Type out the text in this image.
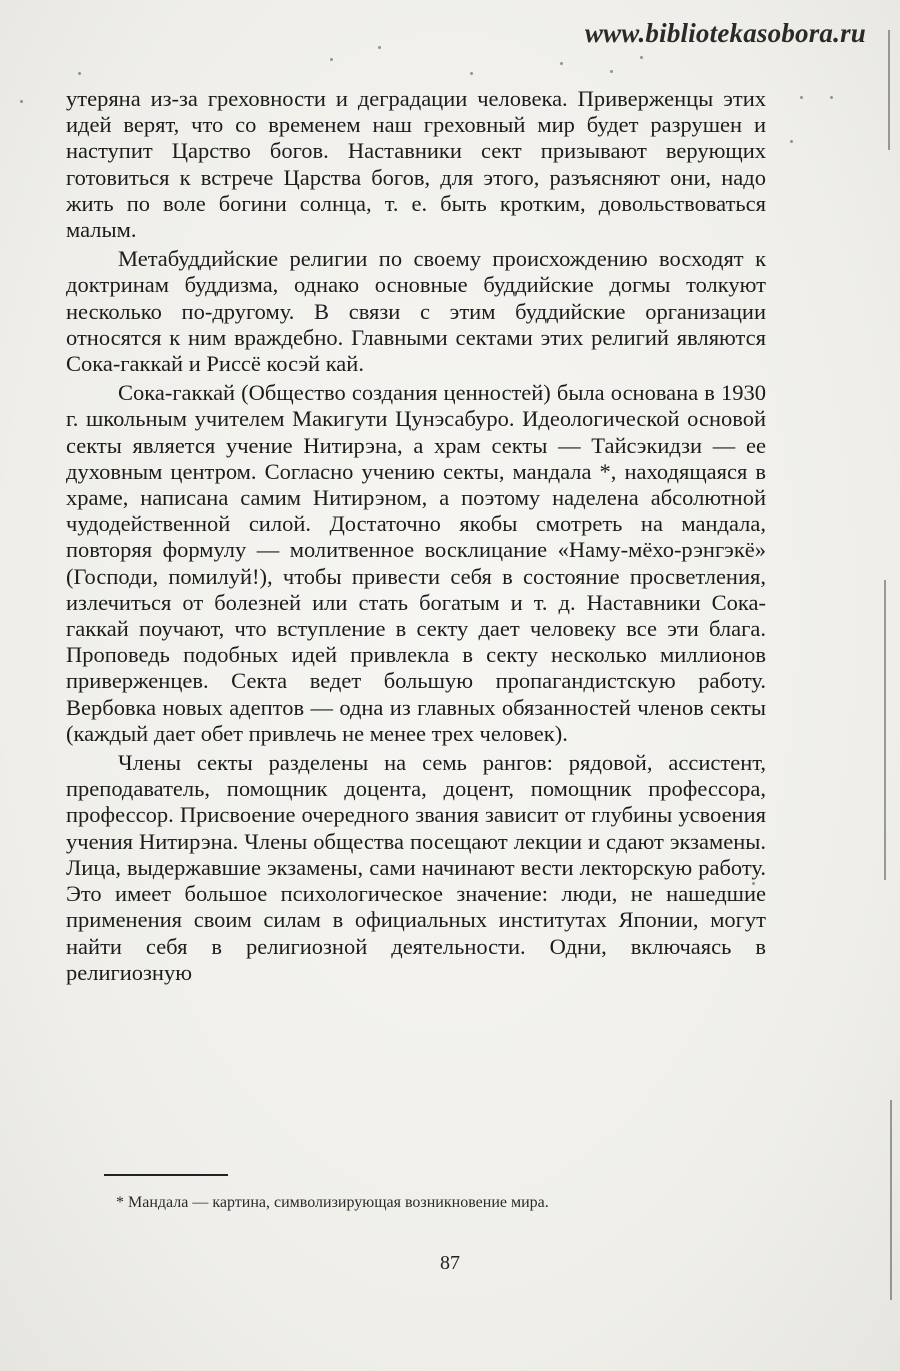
www.bibliotekasobora.ru

утеряна из-за греховности и деградации человека. Приверженцы этих идей верят, что со временем наш греховный мир будет разрушен и наступит Царство богов. Наставники сект призывают верующих готовиться к встрече Царства богов, для этого, разъясняют они, надо жить по воле богини солнца, т. е. быть кротким, довольствоваться малым.

Метабуддийские религии по своему происхождению восходят к доктринам буддизма, однако основные буддийские догмы толкуют несколько по-другому. В связи с этим буддийские организации относятся к ним враждебно. Главными сектами этих религий являются Сока-гаккай и Риссё косэй кай.

Сока-гаккай (Общество создания ценностей) была основана в 1930 г. школьным учителем Макигути Цунэсабуро. Идеологической основой секты является учение Нитирэна, а храм секты — Тайсэкидзи — ее духовным центром. Согласно учению секты, мандала *, находящаяся в храме, написана самим Нитирэном, а поэтому наделена абсолютной чудодейственной силой. Достаточно якобы смотреть на мандала, повторяя формулу — молитвенное восклицание «Наму-мёхо-рэнгэкё» (Господи, помилуй!), чтобы привести себя в состояние просветления, излечиться от болезней или стать богатым и т. д. Наставники Сока-гаккай поучают, что вступление в секту дает человеку все эти блага. Проповедь подобных идей привлекла в секту несколько миллионов приверженцев. Секта ведет большую пропагандистскую работу. Вербовка новых адептов — одна из главных обязанностей членов секты (каждый дает обет привлечь не менее трех человек).

Члены секты разделены на семь рангов: рядовой, ассистент, преподаватель, помощник доцента, доцент, помощник профессора, профессор. Присвоение очередного звания зависит от глубины усвоения учения Нитирэна. Члены общества посещают лекции и сдают экзамены. Лица, выдержавшие экзамены, сами начинают вести лекторскую работу. Это имеет большое психологическое значение: люди, не нашедшие применения своим силам в официальных институтах Японии, могут найти себя в религиозной деятельности. Одни, включаясь в религиозную

* Мандала — картина, символизирующая возникновение мира.
87
